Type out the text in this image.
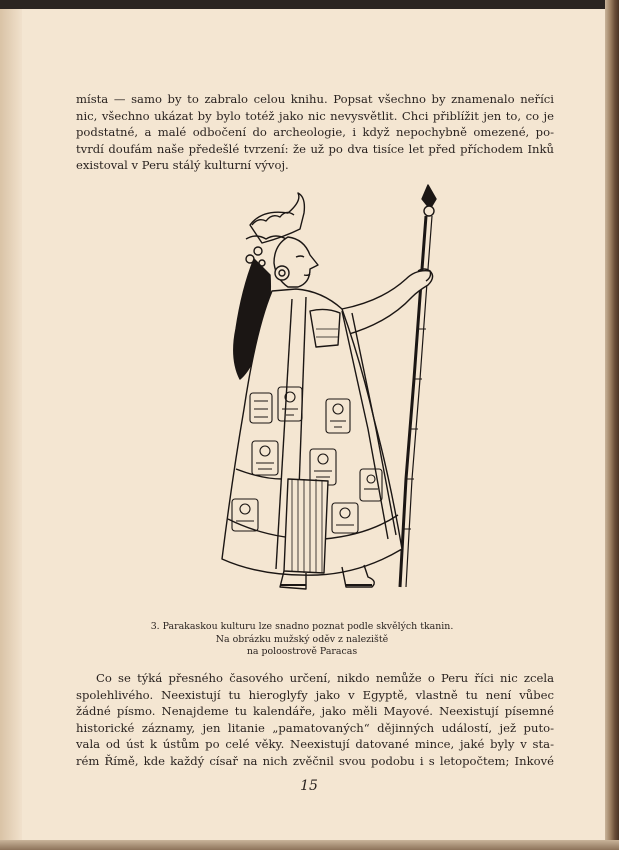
místa — samo by to zabralo celou knihu. Popsat všechno by znamenalo neříci
nic, všechno ukázat by bylo totéž jako nic nevysvětlit. Chci přiblížit jen to, co je
podstatné, a malé odbočení do archeologie, i když nepochybně omezené, po-
tvrdí doufám naše předešlé tvrzení: že už po dva tisíce let před příchodem Inků
existoval v Peru stálý kulturní vývoj.

3. Parakaskou kulturu lze snadno poznat podle skvělých tkanin.
Na obrázku mužský oděv z naleziště
na poloostrově Paracas

Co se týká přesného časového určení, nikdo nemůže o Peru říci nic zcela
spolehlivého. Neexistují tu hieroglyfy jako v Egyptě, vlastně tu není vůbec
žádné písmo. Nenajdeme tu kalendáře, jako měli Mayové. Neexistují písemné
historické záznamy, jen litanie „pamatovaných“ dějinných událostí, jež puto-
vala od úst k ústům po celé věky. Neexistují datované mince, jaké byly v sta-
rém Římě, kde každý císař na nich zvěčnil svou podobu i s letopočtem; Inkové

15
